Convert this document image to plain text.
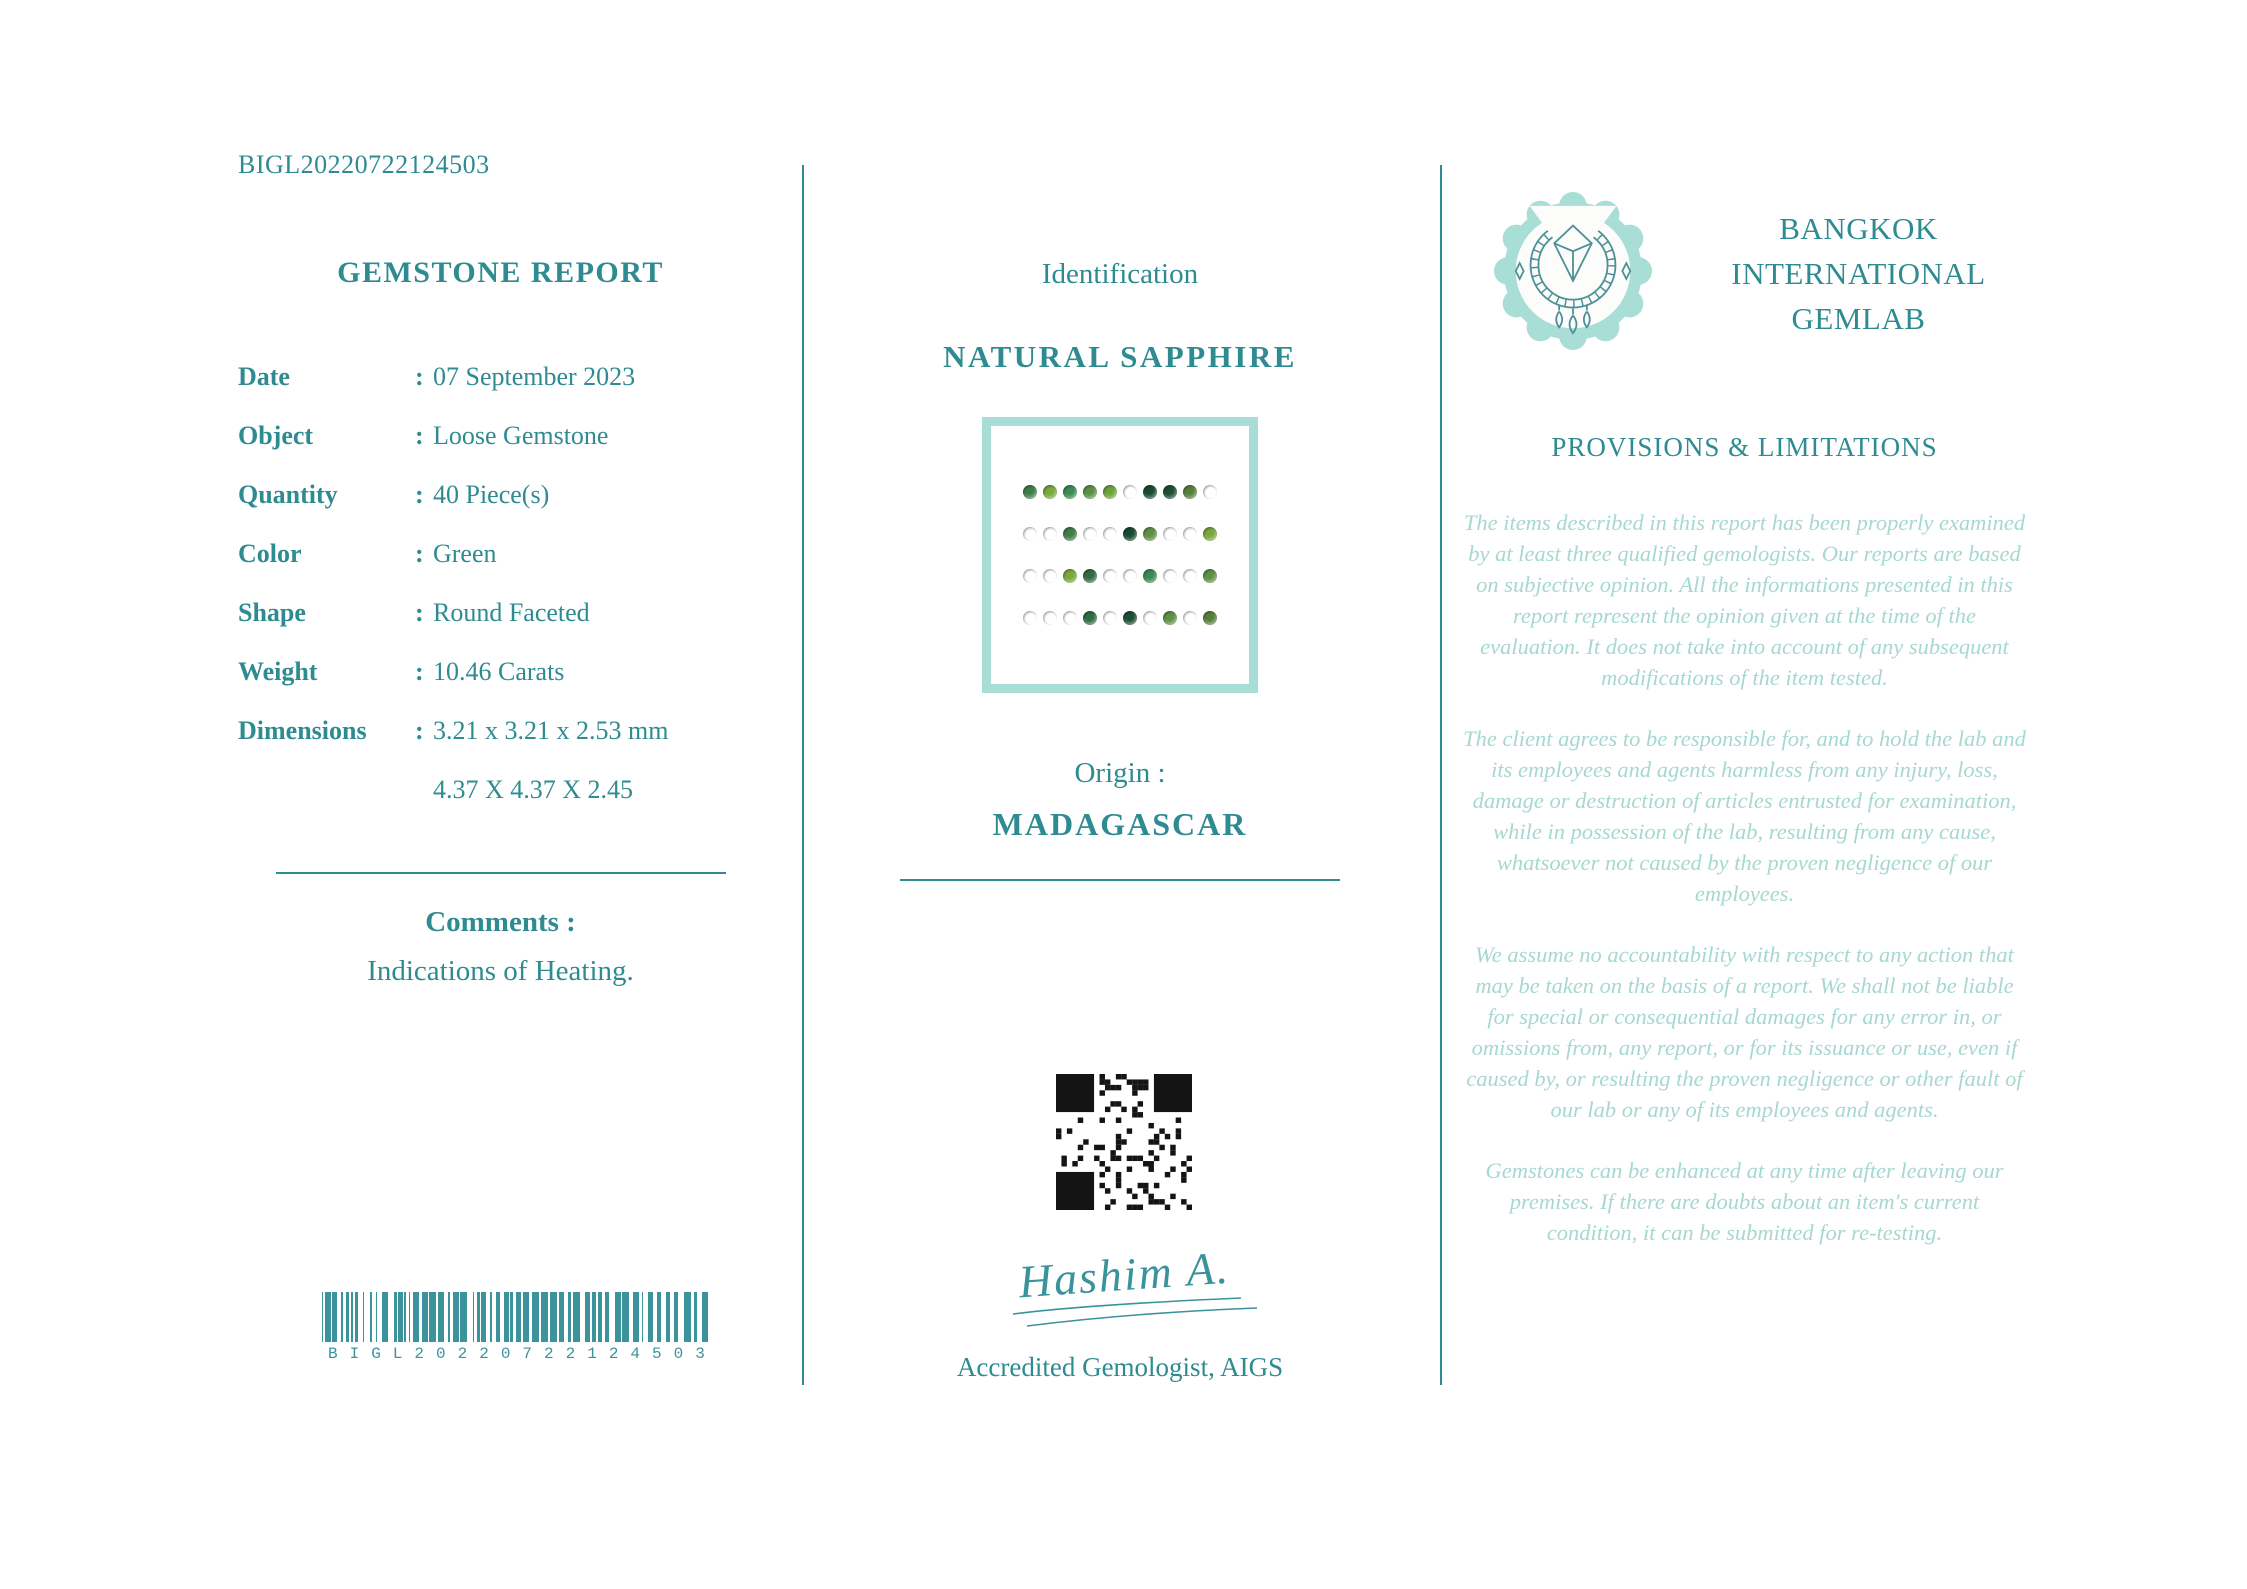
BIGL20220722124503
GEMSTONE REPORT
Date	: 07 September 2023
Object	: Loose Gemstone
Quantity	: 40 Piece(s)
Color	: Green
Shape	: Round Faceted
Weight	: 10.46 Carats
Dimensions	: 3.21 x 3.21 x 2.53 mm
4.37 X 4.37 X 2.45
Comments :
Indications of Heating.
BIGL20220722124503
Identification
NATURAL SAPPHIRE
Origin :
MADAGASCAR
Hashim A.
Accredited Gemologist, AIGS
BANGKOK
INTERNATIONAL
GEMLAB
PROVISIONS & LIMITATIONS

The items described in this report has been properly examined by at least three qualified gemologists. Our reports are based on subjective opinion. All the informations presented in this report represent the opinion given at the time of the evaluation. It does not take into account of any subsequent modifications of the item tested.

The client agrees to be responsible for, and to hold the lab and its employees and agents harmless from any injury, loss, damage or destruction of articles entrusted for examination, while in possession of the lab, resulting from any cause, whatsoever not caused by the proven negligence of our employees.

We assume no accountability with respect to any action that may be taken on the basis of a report. We shall not be liable for special or consequential damages for any error in, or omissions from, any report, or for its issuance or use, even if caused by, or resulting the proven negligence or other fault of our lab or any of its employees and agents.

Gemstones can be enhanced at any time after leaving our premises. If there are doubts about an item's current condition, it can be submitted for re-testing.
